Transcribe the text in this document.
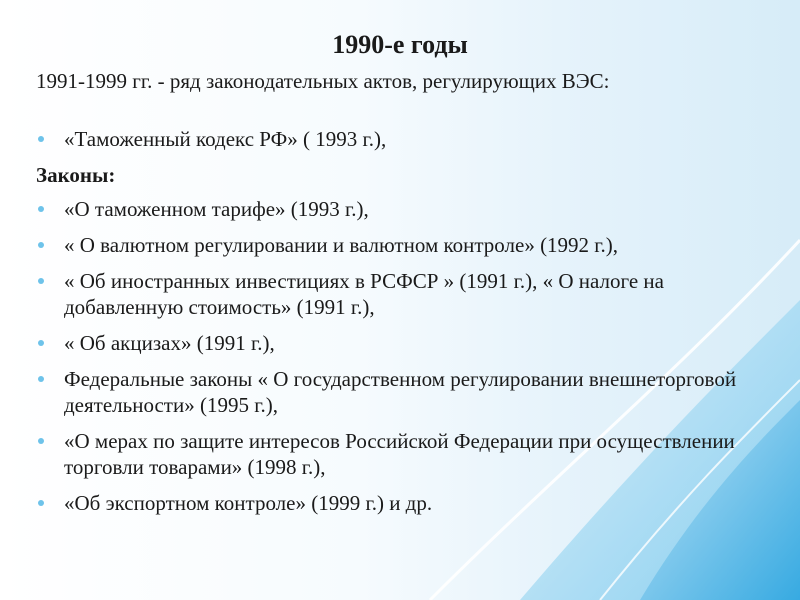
1990-е годы

1991-1999 гг. - ряд законодательных актов, регулирующих ВЭС:

«Таможенный кодекс РФ» ( 1993 г.),

Законы:

«О таможенном тарифе» (1993 г.),
« О валютном регулировании и валютном контроле» (1992 г.),
« Об иностранных инвестициях в РСФСР » (1991 г.), « О налоге на добавленную стоимость» (1991 г.),
« Об акцизах» (1991 г.),
Федеральные законы « О государственном регулировании внешнеторговой деятельности» (1995 г.),
«О мерах по защите интересов Российской Федерации при осуществлении торговли товарами» (1998 г.),
«Об экспортном контроле» (1999 г.) и др.
